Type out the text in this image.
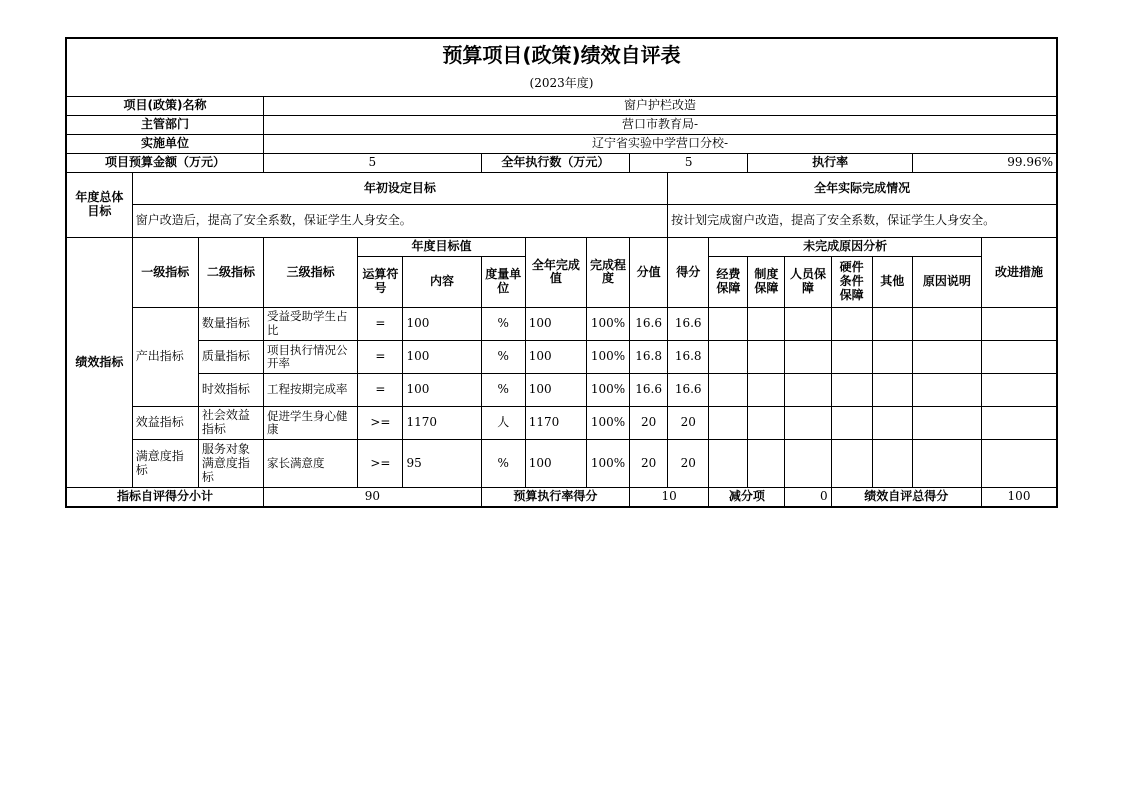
预算项目(政策)绩效自评表																	
(2023年度)																	
项目(政策)名称			窗户护栏改造														
主管部门			营口市教育局-														
实施单位			辽宁省实验中学营口分校-														
项目预算金额（万元）			5			全年执行数（万元）			5			执行率				99.96%	
年度总体目标	年初设定目标									全年实际完成情况							
	窗户改造后，提高了安全系数，保证学生人身安全。									按计划完成窗户改造，提高了安全系数，保证学生人身安全。							
绩效指标	一级指标	二级指标	三级指标	年度目标值			全年完成值	完成程度	分值	得分	未完成原因分析						改进措施
				运算符号	内容	度量单位					经费保障	制度保障	人员保障	硬件条件保障	其他	原因说明	
	产出指标	数量指标	受益受助学生占比	=	100	%	100	100%	16.6	16.6							
		质量指标	项目执行情况公开率	=	100	%	100	100%	16.8	16.8							
		时效指标	工程按期完成率	=	100	%	100	100%	16.6	16.6							
	效益指标	社会效益指标	促进学生身心健康	>=	1170	人	1170	100%	20	20							
	满意度指标	服务对象满意度指标	家长满意度	>=	95	%	100	100%	20	20							
指标自评得分小计			90			预算执行率得分			10		减分项		0	绩效自评总得分			100
